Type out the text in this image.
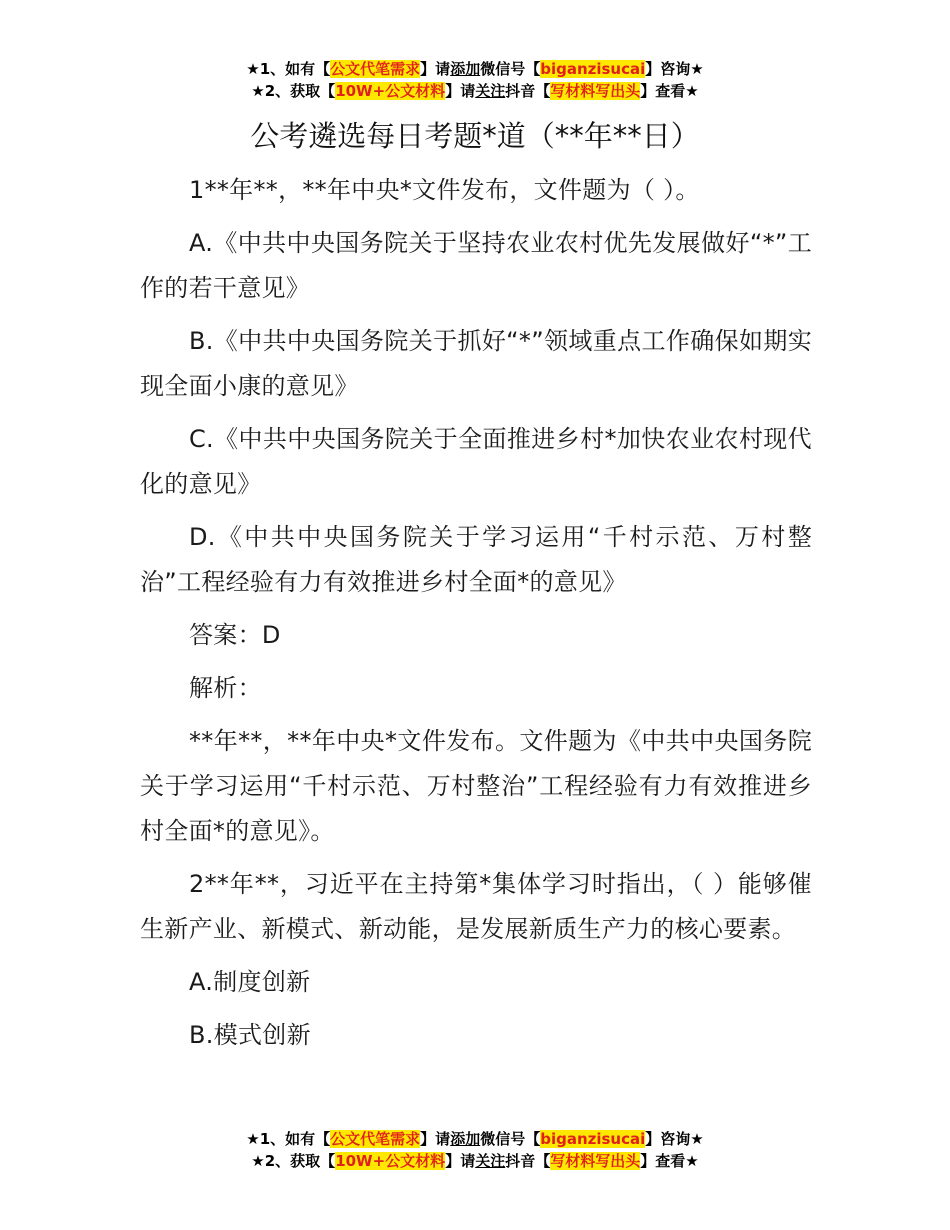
★1、如有【公文代笔需求】请添加微信号【biganzisucai】咨询★
★2、获取【10W+公文材料】请关注抖音【写材料写出头】查看★
公考遴选每日考题*道（**年**日）

1**年**，**年中央*文件发布，文件题为（ ）。

A.《中共中央国务院关于坚持农业农村优先发展做好“*”工作的若干意见》

B.《中共中央国务院关于抓好“*”领域重点工作确保如期实现全面小康的意见》

C.《中共中央国务院关于全面推进乡村*加快农业农村现代化的意见》

D.《中共中央国务院关于学习运用“千村示范、万村整治”工程经验有力有效推进乡村全面*的意见》

答案：D

解析：

**年**，**年中央*文件发布。文件题为《中共中央国务院关于学习运用“千村示范、万村整治”工程经验有力有效推进乡村全面*的意见》。

2**年**，习近平在主持第*集体学习时指出，（ ）能够催生新产业、新模式、新动能，是发展新质生产力的核心要素。

A.制度创新

B.模式创新

★1、如有【公文代笔需求】请添加微信号【biganzisucai】咨询★
★2、获取【10W+公文材料】请关注抖音【写材料写出头】查看★
